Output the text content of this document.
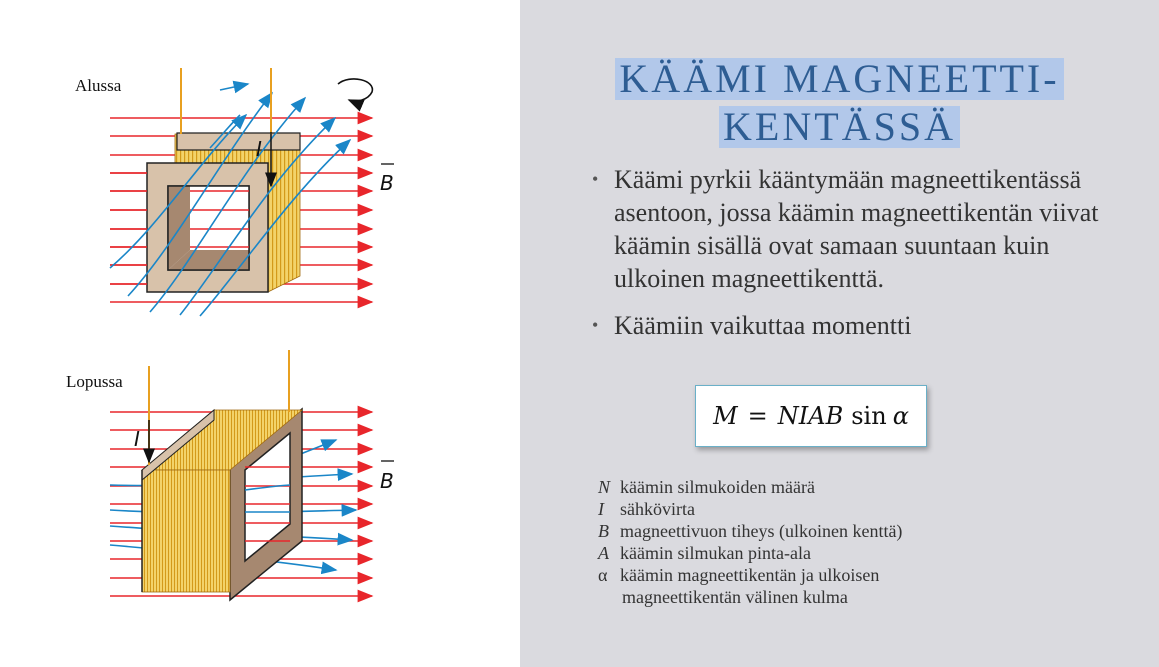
Alussa
Lopussa
I
B
I
B
KÄÄMI MAGNEETTI-
KENTÄSSÄ
• Käämi pyrkii kääntymään magneettikentässä asentoon, jossa käämin magneettikentän viivat käämin sisällä ovat samaan suuntaan kuin ulkoinen magneettikenttä.
• Käämiin vaikuttaa momentti
M = NIAB sin α
N käämin silmukoiden määrä
I sähkövirta
B magneettivuon tiheys (ulkoinen kenttä)
A käämin silmukan pinta-ala
α käämin magneettikentän ja ulkoisen
magneettikentän välinen kulma
